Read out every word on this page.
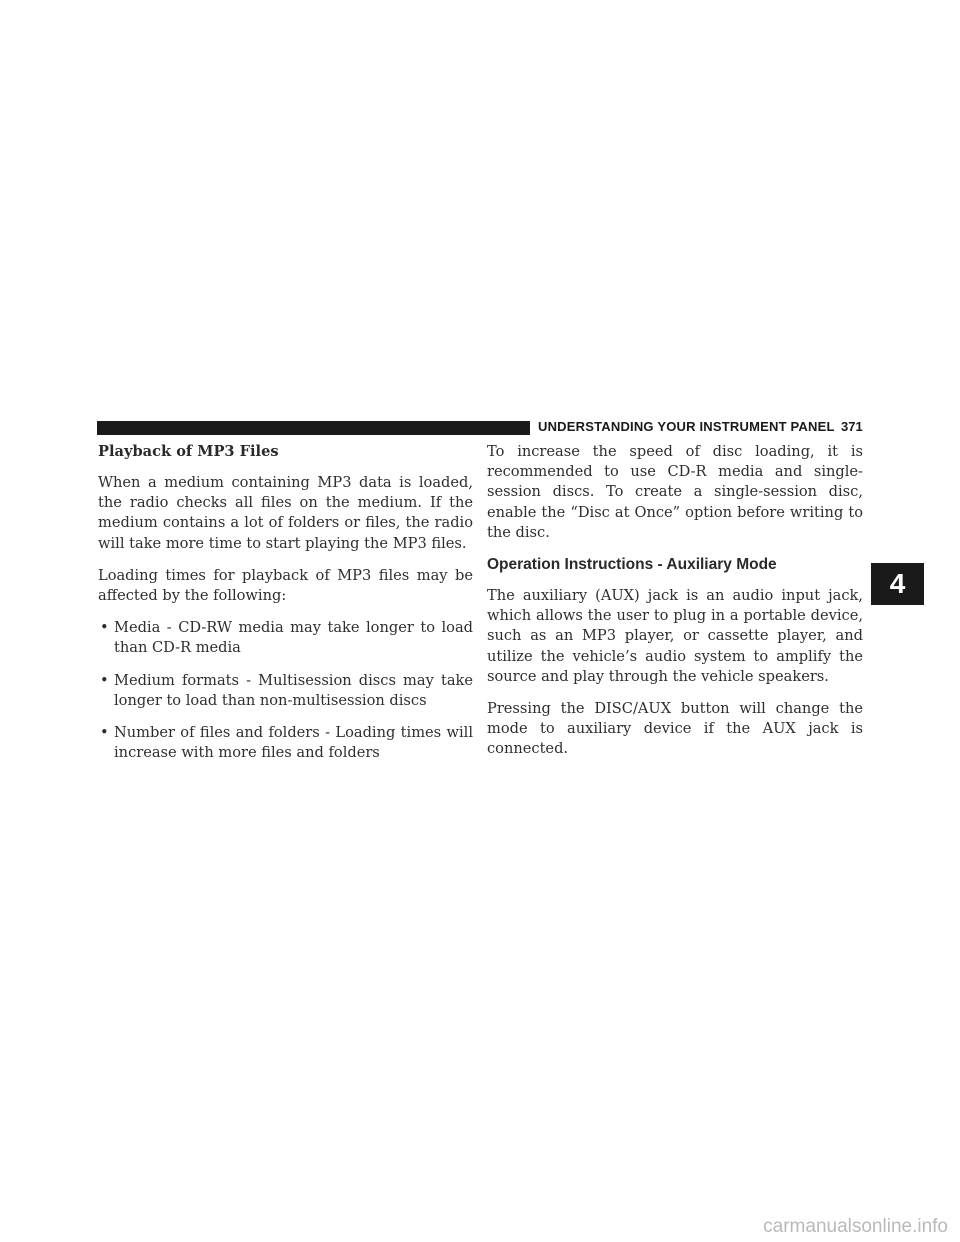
UNDERSTANDING YOUR INSTRUMENT PANEL 371
Playback of MP3 Files

When a medium containing MP3 data is loaded, the radio checks all files on the medium. If the medium contains a lot of folders or files, the radio will take more time to start playing the MP3 files.

Loading times for playback of MP3 files may be affected by the following:

• Media - CD-RW media may take longer to load than CD-R media
• Medium formats - Multisession discs may take longer to load than non-multisession discs
• Number of files and folders - Loading times will increase with more files and folders

To increase the speed of disc loading, it is recommended to use CD-R media and single-session discs. To create a single-session disc, enable the “Disc at Once” option before writing to the disc.

Operation Instructions - Auxiliary Mode

The auxiliary (AUX) jack is an audio input jack, which allows the user to plug in a portable device, such as an MP3 player, or cassette player, and utilize the vehicle’s audio system to amplify the source and play through the vehicle speakers.

Pressing the DISC/AUX button will change the mode to auxiliary device if the AUX jack is connected.

4
carmanualsonline.info
